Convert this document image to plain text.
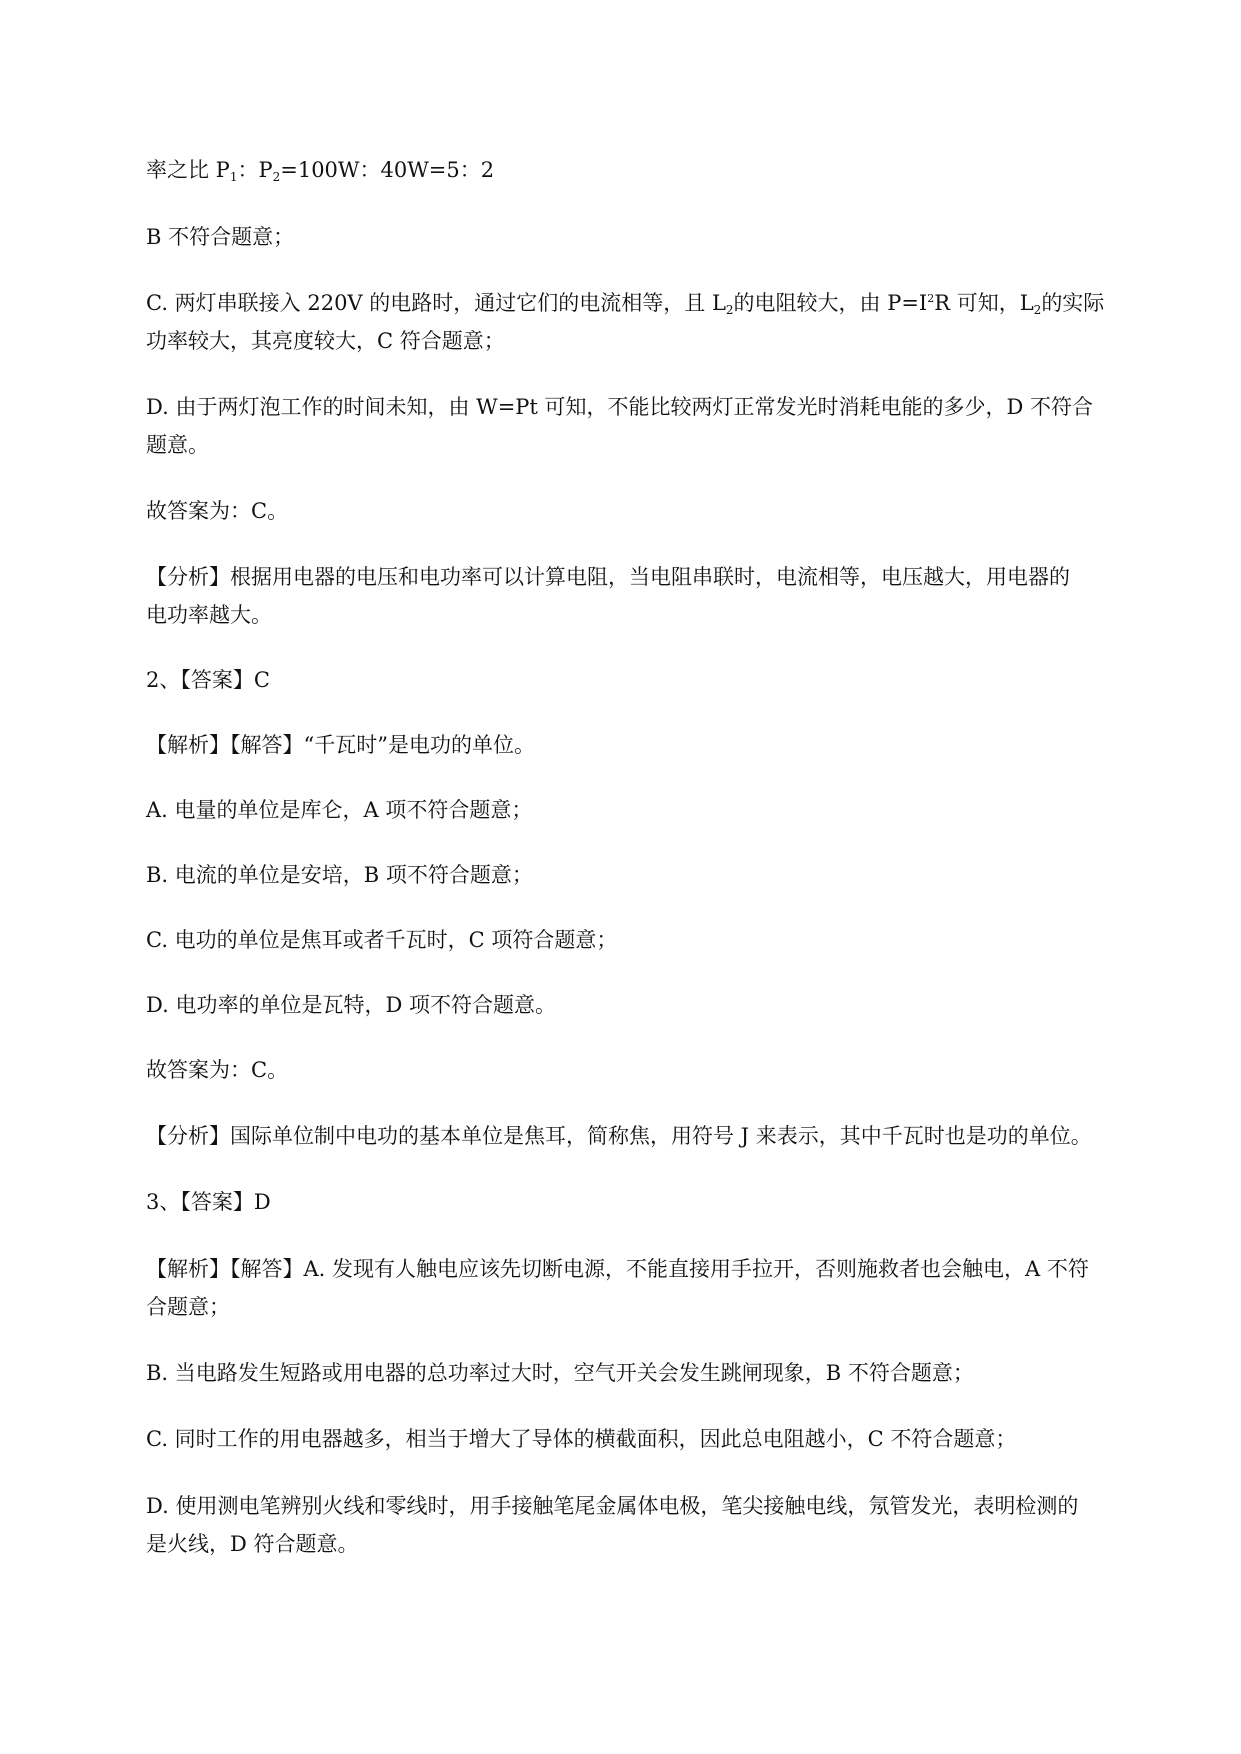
率之比 $P_1$：$P_2=100W$：40W=5：2
B 不符合题意；
C. 两灯串联接入 220V 的电路时，通过它们的电流相等，且 $L_2$的电阻较大，由 $P=I^2R$ 可知，$L_2$的实际
功率较大，其亮度较大，C 符合题意；
D. 由于两灯泡工作的时间未知，由 W=Pt 可知，不能比较两灯正常发光时消耗电能的多少，D 不符合
题意。
故答案为：C。
【分析】根据用电器的电压和电功率可以计算电阻，当电阻串联时，电流相等，电压越大，用电器的
电功率越大。
2、【答案】C
【解析】【解答】“千瓦时”是电功的单位。
A. 电量的单位是库仑，A 项不符合题意；
B. 电流的单位是安培，B 项不符合题意；
C. 电功的单位是焦耳或者千瓦时，C 项符合题意；
D. 电功率的单位是瓦特，D 项不符合题意。
故答案为：C。
【分析】国际单位制中电功的基本单位是焦耳，简称焦，用符号 J 来表示，其中千瓦时也是功的单位。
3、【答案】D
【解析】【解答】A. 发现有人触电应该先切断电源，不能直接用手拉开，否则施救者也会触电，A 不符
合题意；
B. 当电路发生短路或用电器的总功率过大时，空气开关会发生跳闸现象，B 不符合题意；
C. 同时工作的用电器越多，相当于增大了导体的横截面积，因此总电阻越小，C 不符合题意；
D. 使用测电笔辨别火线和零线时，用手接触笔尾金属体电极，笔尖接触电线，氖管发光，表明检测的
是火线，D 符合题意。
